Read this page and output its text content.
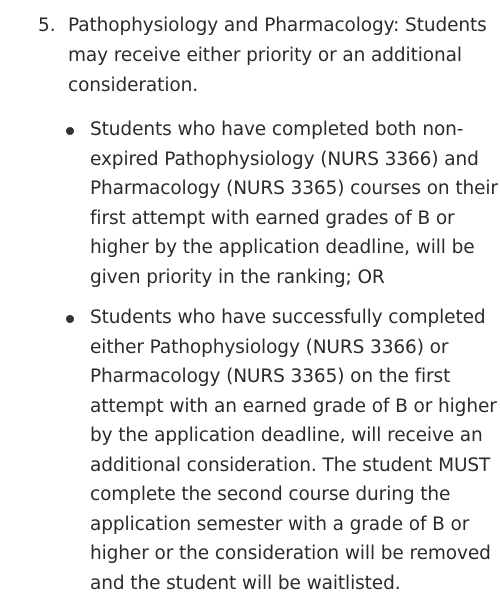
5. Pathophysiology and Pharmacology: Students
may receive either priority or an additional
consideration.
Students who have completed both non-
expired Pathophysiology (NURS 3366) and
Pharmacology (NURS 3365) courses on their
first attempt with earned grades of B or
higher by the application deadline, will be
given priority in the ranking; OR
Students who have successfully completed
either Pathophysiology (NURS 3366) or
Pharmacology (NURS 3365) on the first
attempt with an earned grade of B or higher
by the application deadline, will receive an
additional consideration. The student MUST
complete the second course during the
application semester with a grade of B or
higher or the consideration will be removed
and the student will be waitlisted.
